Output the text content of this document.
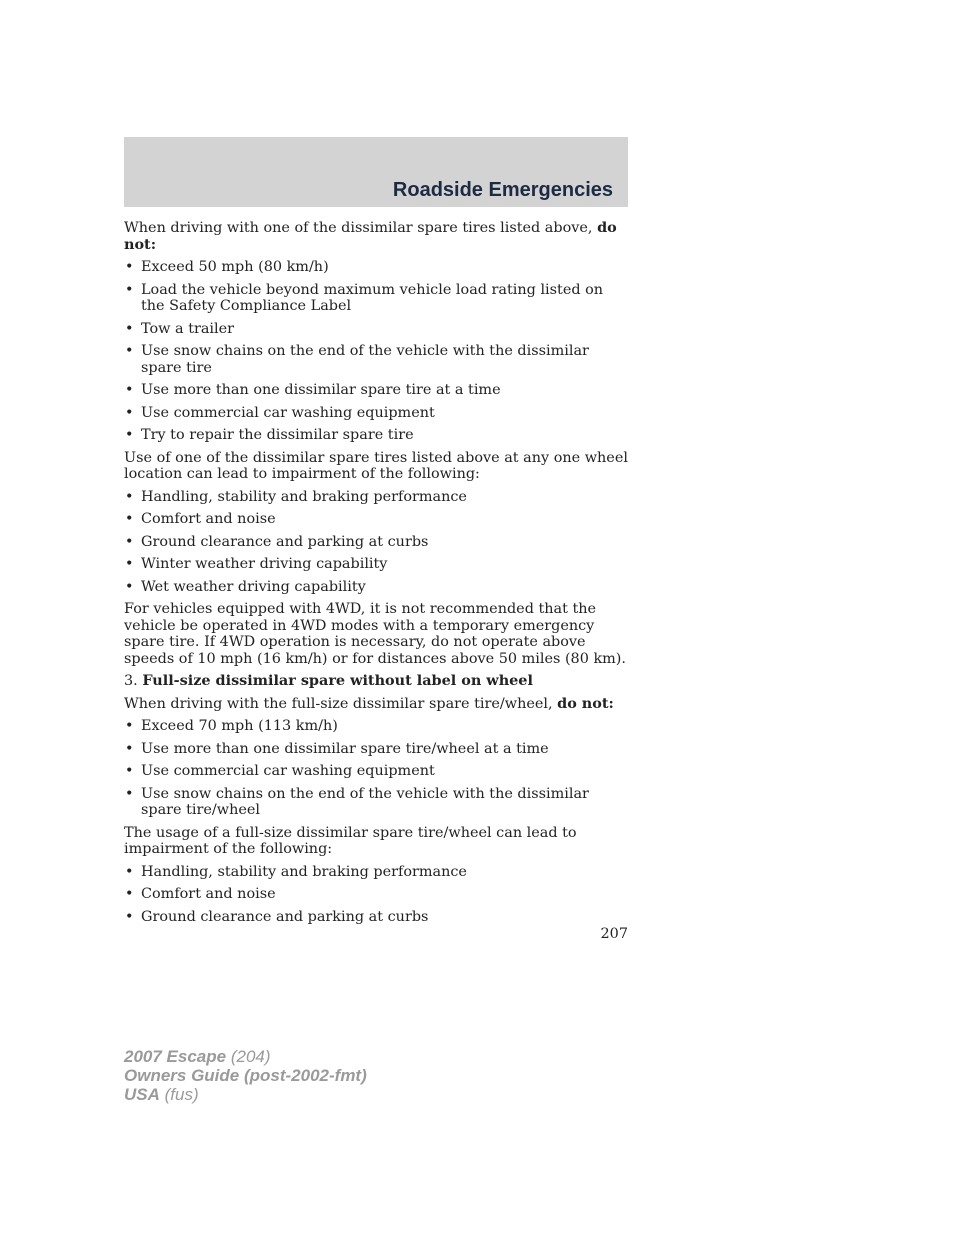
Roadside Emergencies

When driving with one of the dissimilar spare tires listed above, do not:

• Exceed 50 mph (80 km/h)
• Load the vehicle beyond maximum vehicle load rating listed on the Safety Compliance Label
• Tow a trailer
• Use snow chains on the end of the vehicle with the dissimilar spare tire
• Use more than one dissimilar spare tire at a time
• Use commercial car washing equipment
• Try to repair the dissimilar spare tire

Use of one of the dissimilar spare tires listed above at any one wheel location can lead to impairment of the following:

• Handling, stability and braking performance
• Comfort and noise
• Ground clearance and parking at curbs
• Winter weather driving capability
• Wet weather driving capability

For vehicles equipped with 4WD, it is not recommended that the vehicle be operated in 4WD modes with a temporary emergency spare tire. If 4WD operation is necessary, do not operate above speeds of 10 mph (16 km/h) or for distances above 50 miles (80 km).

3. Full-size dissimilar spare without label on wheel

When driving with the full-size dissimilar spare tire/wheel, do not:

• Exceed 70 mph (113 km/h)
• Use more than one dissimilar spare tire/wheel at a time
• Use commercial car washing equipment
• Use snow chains on the end of the vehicle with the dissimilar spare tire/wheel

The usage of a full-size dissimilar spare tire/wheel can lead to impairment of the following:

• Handling, stability and braking performance
• Comfort and noise
• Ground clearance and parking at curbs
207
2007 Escape (204)
Owners Guide (post-2002-fmt)
USA (fus)
